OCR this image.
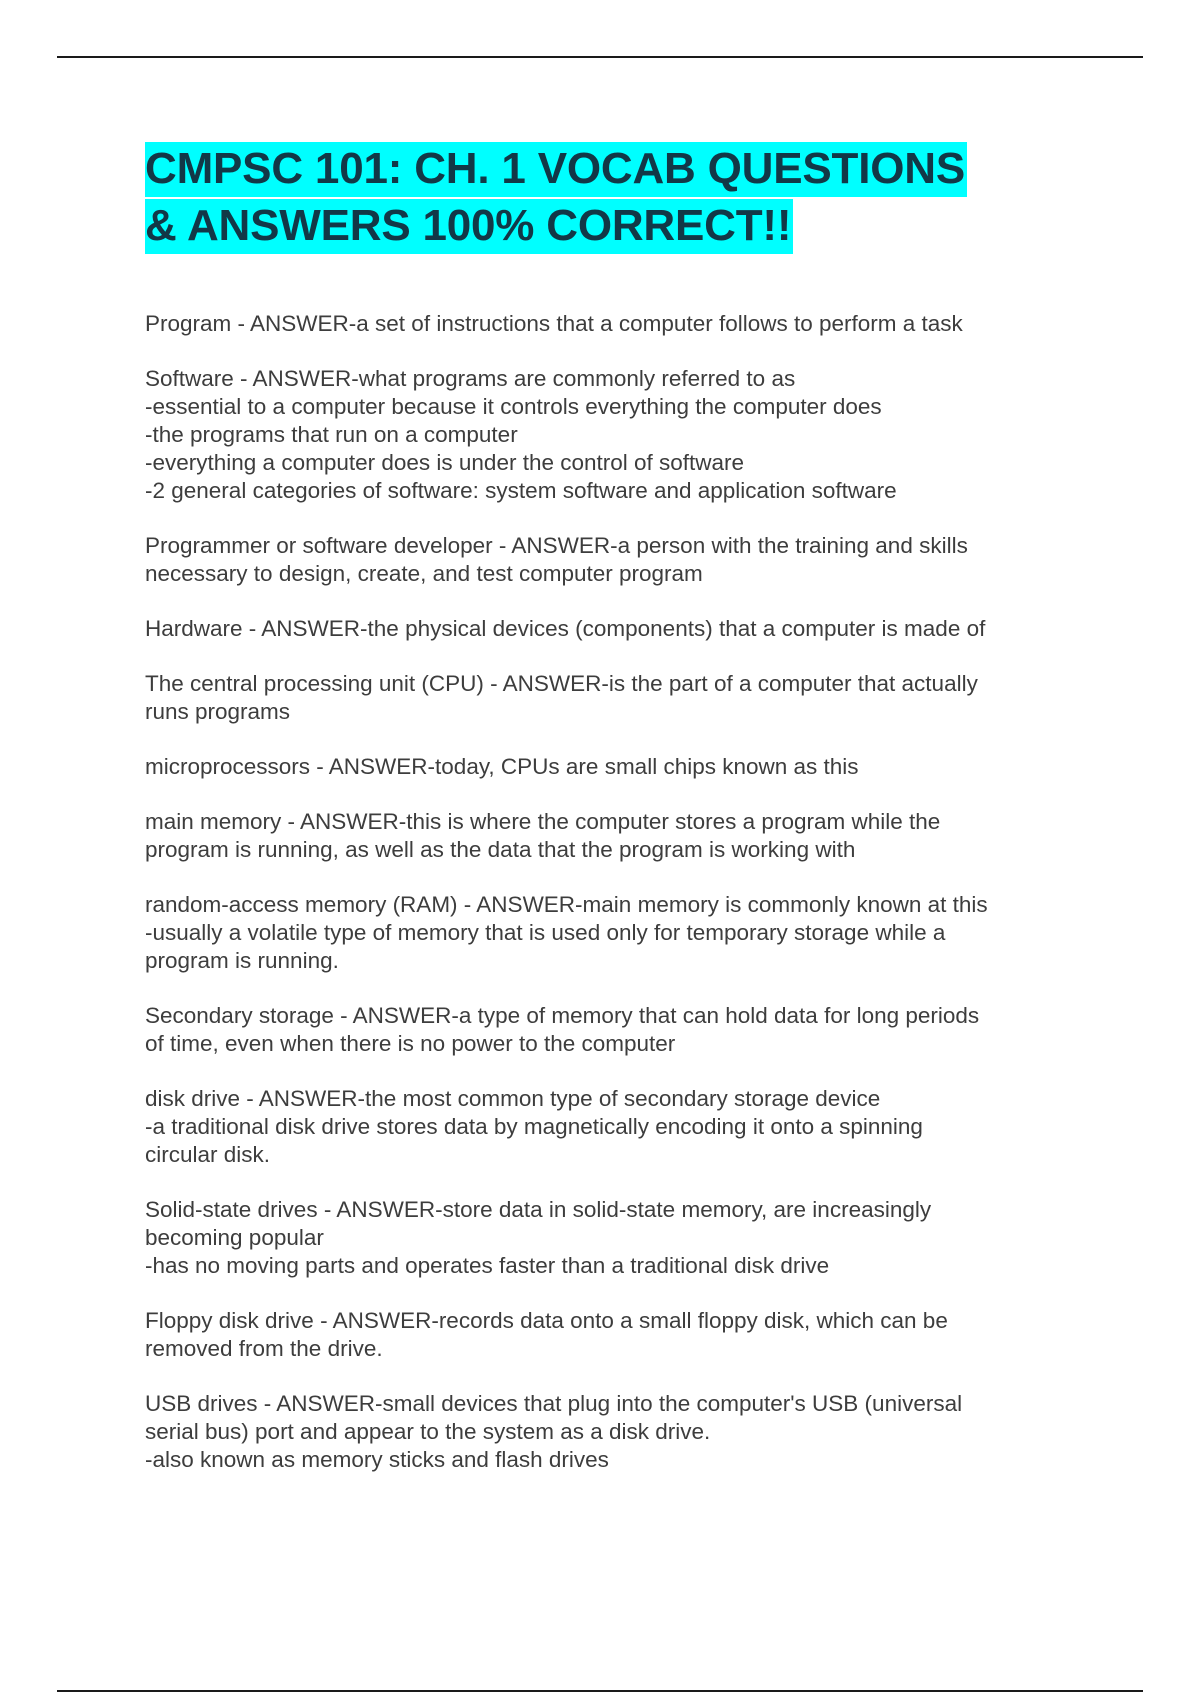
CMPSC 101: CH. 1 VOCAB QUESTIONS
& ANSWERS 100% CORRECT!!
Program - ANSWER-a set of instructions that a computer follows to perform a task
Software - ANSWER-what programs are commonly referred to as
-essential to a computer because it controls everything the computer does
-the programs that run on a computer
-everything a computer does is under the control of software
-2 general categories of software: system software and application software
Programmer or software developer - ANSWER-a person with the training and skills
necessary to design, create, and test computer program
Hardware - ANSWER-the physical devices (components) that a computer is made of
The central processing unit (CPU) - ANSWER-is the part of a computer that actually
runs programs
microprocessors - ANSWER-today, CPUs are small chips known as this
main memory - ANSWER-this is where the computer stores a program while the
program is running, as well as the data that the program is working with
random-access memory (RAM) - ANSWER-main memory is commonly known at this
-usually a volatile type of memory that is used only for temporary storage while a
program is running.
Secondary storage - ANSWER-a type of memory that can hold data for long periods
of time, even when there is no power to the computer
disk drive - ANSWER-the most common type of secondary storage device
-a traditional disk drive stores data by magnetically encoding it onto a spinning
circular disk.
Solid-state drives - ANSWER-store data in solid-state memory, are increasingly
becoming popular
-has no moving parts and operates faster than a traditional disk drive
Floppy disk drive - ANSWER-records data onto a small floppy disk, which can be
removed from the drive.
USB drives - ANSWER-small devices that plug into the computer's USB (universal
serial bus) port and appear to the system as a disk drive.
-also known as memory sticks and flash drives
